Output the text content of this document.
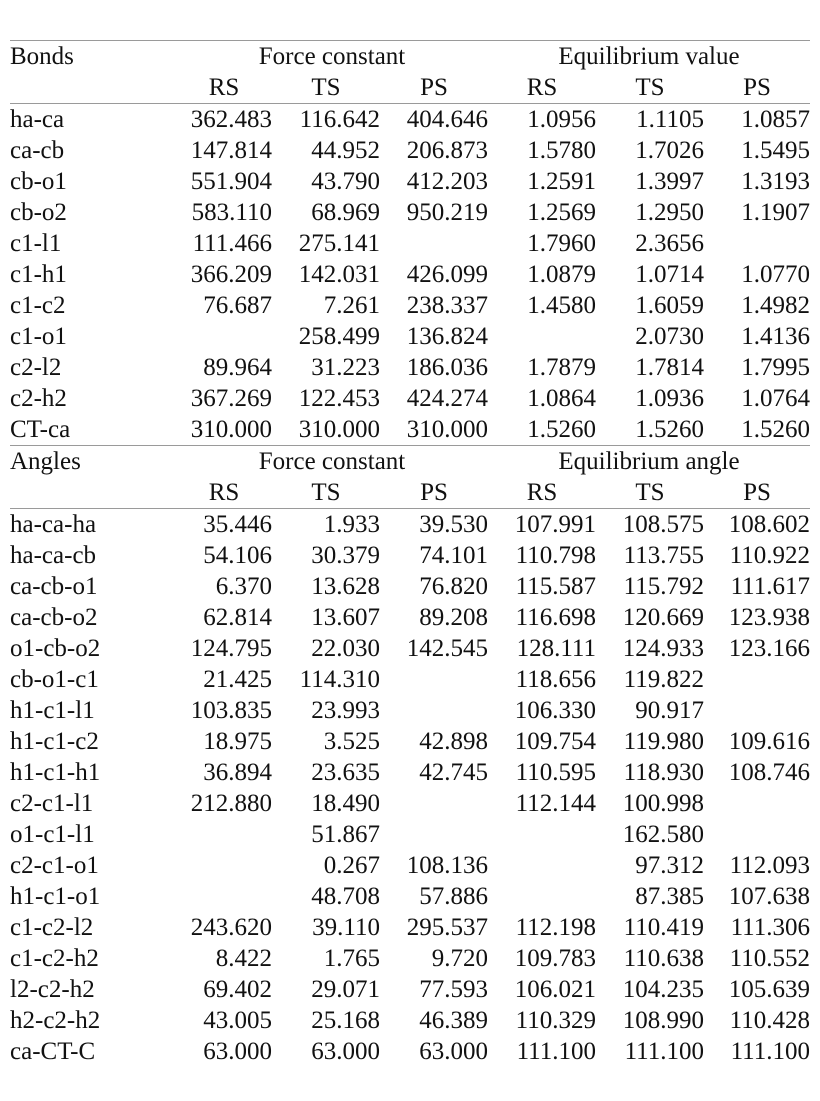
Bonds	Force constant			Equilibrium value		
	RS	TS	PS	RS	TS	PS
ha-ca	362.483	116.642	404.646	1.0956	1.1105	1.0857
ca-cb	147.814	44.952	206.873	1.5780	1.7026	1.5495
cb-o1	551.904	43.790	412.203	1.2591	1.3997	1.3193
cb-o2	583.110	68.969	950.219	1.2569	1.2950	1.1907
c1-l1	111.466	275.141		1.7960	2.3656	
c1-h1	366.209	142.031	426.099	1.0879	1.0714	1.0770
c1-c2	76.687	7.261	238.337	1.4580	1.6059	1.4982
c1-o1		258.499	136.824		2.0730	1.4136
c2-l2	89.964	31.223	186.036	1.7879	1.7814	1.7995
c2-h2	367.269	122.453	424.274	1.0864	1.0936	1.0764
CT-ca	310.000	310.000	310.000	1.5260	1.5260	1.5260
Angles	Force constant			Equilibrium angle		
	RS	TS	PS	RS	TS	PS
ha-ca-ha	35.446	1.933	39.530	107.991	108.575	108.602
ha-ca-cb	54.106	30.379	74.101	110.798	113.755	110.922
ca-cb-o1	6.370	13.628	76.820	115.587	115.792	111.617
ca-cb-o2	62.814	13.607	89.208	116.698	120.669	123.938
o1-cb-o2	124.795	22.030	142.545	128.111	124.933	123.166
cb-o1-c1	21.425	114.310		118.656	119.822	
h1-c1-l1	103.835	23.993		106.330	90.917	
h1-c1-c2	18.975	3.525	42.898	109.754	119.980	109.616
h1-c1-h1	36.894	23.635	42.745	110.595	118.930	108.746
c2-c1-l1	212.880	18.490		112.144	100.998	
o1-c1-l1		51.867			162.580	
c2-c1-o1		0.267	108.136		97.312	112.093
h1-c1-o1		48.708	57.886		87.385	107.638
c1-c2-l2	243.620	39.110	295.537	112.198	110.419	111.306
c1-c2-h2	8.422	1.765	9.720	109.783	110.638	110.552
l2-c2-h2	69.402	29.071	77.593	106.021	104.235	105.639
h2-c2-h2	43.005	25.168	46.389	110.329	108.990	110.428
ca-CT-C	63.000	63.000	63.000	111.100	111.100	111.100
